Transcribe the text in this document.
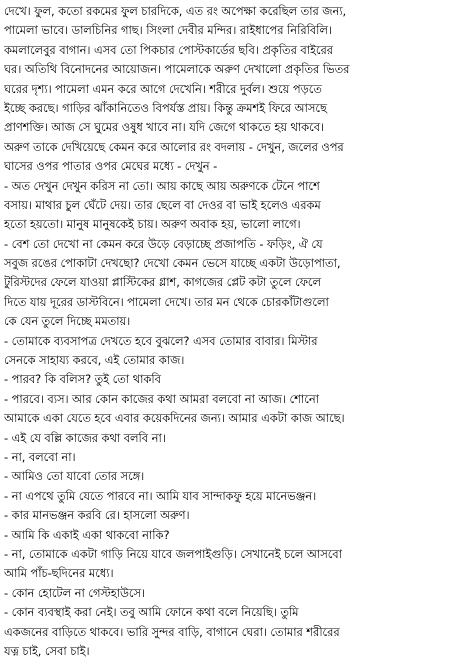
দেখে। ফুল, কতো রকমের ফুল চারদিকে, এত রং অপেক্ষা করেছিল তার জন্য,
পামেলা ভাবে। ডালচিনির গাছ। সিংলা দেবীর মন্দির। রাইধাপের নিরিবিলি।
কমলালেবুর বাগান। এসব তো পিকচার পোস্টকার্ডের ছবি। প্রকৃতির বাইরের
ঘর। অতিথি বিনোদনের আয়োজন। পামেলাকে অরুণ দেখালো প্রকৃতির ভিতর
ঘরের দৃশ্য। পামেলা এমন করে আগে দেখেনি। শরীরে দুর্বল। শুয়ে পড়তে
ইচ্ছে করছে। গাড়ির ঝাঁকানিতেও বিপর্যস্ত প্রায়। কিন্তু ক্রমশই ফিরে আসছে
প্রাণশক্তি। আজ সে ঘুমের ওষুধ খাবে না। যদি জেগে থাকতে হয় থাকবে।
অরুণ তাকে দেখিয়েছে কেমন করে আলোর রং বদলায় - দেখুন, জলের ওপর
ঘাসের ওপর পাতার ওপর মেঘের মধ্যে - দেখুন -
- অত দেখুন দেখুন করিস না তো। আয় কাছে আয় অরুণকে টেনে পাশে
বসায়। মাথার চুল ঘেঁটে দেয়। তার ছেলে বা দেওর বা ভাই হলেও এরকম
হতো হয়তো। মানুষ মানুষকেই চায়। অরুণ অবাক হয়, ভালো লাগে।
- বেশ তো দেখো না কেমন করে উড়ে বেড়াচ্ছে প্রজাপতি - ফড়িং, ঐ যে
সবুজ রঙের পোকাটা দেখছো? দেখো কেমন ভেসে যাচ্ছে একটা উড়োপাতা,
টুরিস্টদের ফেলে যাওয়া প্লাস্টিকের গ্লাশ, কাগজের প্লেট কটা তুলে ফেলে
দিতে যায় দূরের ডাস্টবিনে। পামেলা দেখে। তার মন থেকে চোরকাঁটাগুলো
কে যেন তুলে দিচ্ছে মমতায়।
- তোমাকে ব্যবসাপত্র দেখতে হবে বুঝলে? এসব তোমার বাবার। মিস্টার
সেনকে সাহায্য করবে, এই তোমার কাজ।
- পারব? কি বলিস? তুই তো থাকবি
- পারবে। ব্যস। আর কোন কাজের কথা আমরা বলবো না আজ। শোনো
আমাকে একা যেতে হবে এবার কয়েকদিনের জন্য। আমার একটা কাজ আছে।
- এই যে বল্লি কাজের কথা বলবি না।
- না, বলবো না।
- আমিও তো যাবো তোর সঙ্গে।
- না এপথে তুমি যেতে পারবে না। আমি যাব সান্দাকফু হয়ে মানেভঞ্জন।
- কার মানভঞ্জন করবি রে। হাসলো অরুণ।
- আমি কি একাই একা থাকবো নাকি?
- না, তোমাকে একটা গাড়ি নিয়ে যাবে জলপাইগুড়ি। সেখানেই চলে আসবো
আমি পাঁচ-ছদিনের মধ্যে।
- কোন হোটেল না গেস্টহাউসে।
- কোন ব্যবস্থাই করা নেই। তবু আমি ফোনে কথা বলে নিয়েছি। তুমি
একজনের বাড়িতে থাকবে। ভারি সুন্দর বাড়ি, বাগানে ঘেরা। তোমার শরীরের
যত্ন চাই, সেবা চাই।
